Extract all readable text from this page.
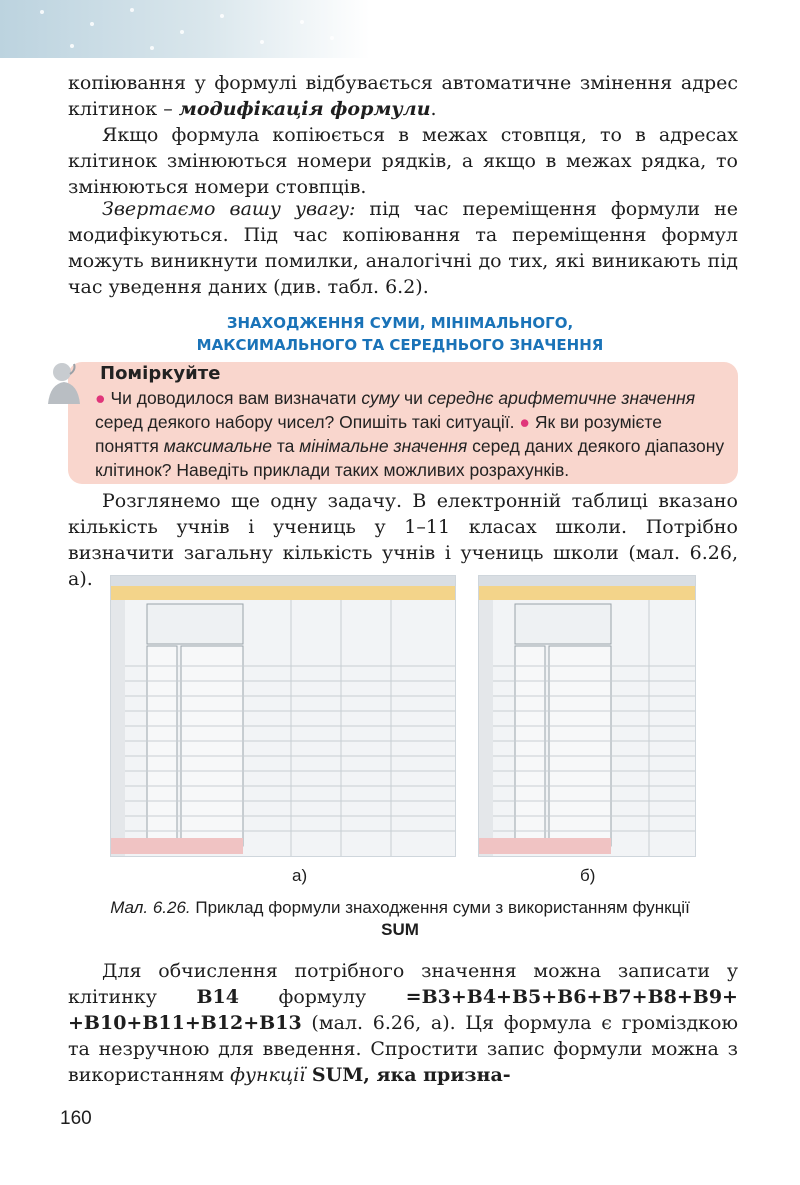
копіювання у формулі відбувається автоматичне змінення адрес клітинок – модифікація формули.

Якщо формула копіюється в межах стовпця, то в адресах клітинок змінюються номери рядків, а якщо в межах рядка, то змінюються номери стовпців.

Звертаємо вашу увагу: під час переміщення формули не модифікуються. Під час копіювання та переміщення формул можуть виникнути помилки, аналогічні до тих, які виникають під час уведення даних (див. табл. 6.2).

ЗНАХОДЖЕННЯ СУМИ, МІНІМАЛЬНОГО,
МАКСИМАЛЬНОГО ТА СЕРЕДНЬОГО ЗНАЧЕННЯ
Поміркуйте

● Чи доводилося вам визначати суму чи середнє арифметичне значення серед деякого набору чисел? Опишіть такі ситуації. ● Як ви розумієте поняття максимальне та мінімальне значення серед даних деякого діапазону клітинок? Наведіть приклади таких можливих розрахунків.

Розглянемо ще одну задачу. В електронній таблиці вказано кількість учнів і учениць у 1–11 класах школи. Потрібно визначити загальну кількість учнів і учениць школи (мал. 6.26, а).

а)	б)
Мал. 6.26. Приклад формули знаходження суми з використанням функції SUM

Для обчислення потрібного значення можна записати у клітинку B14 формулу =B3+B4+B5+B6+B7+B8+B9+ +B10+B11+B12+B13 (мал. 6.26, а). Ця формула є громіздкою та незручною для введення. Спростити запис формули можна з використанням функції SUM, яка призна-

160
